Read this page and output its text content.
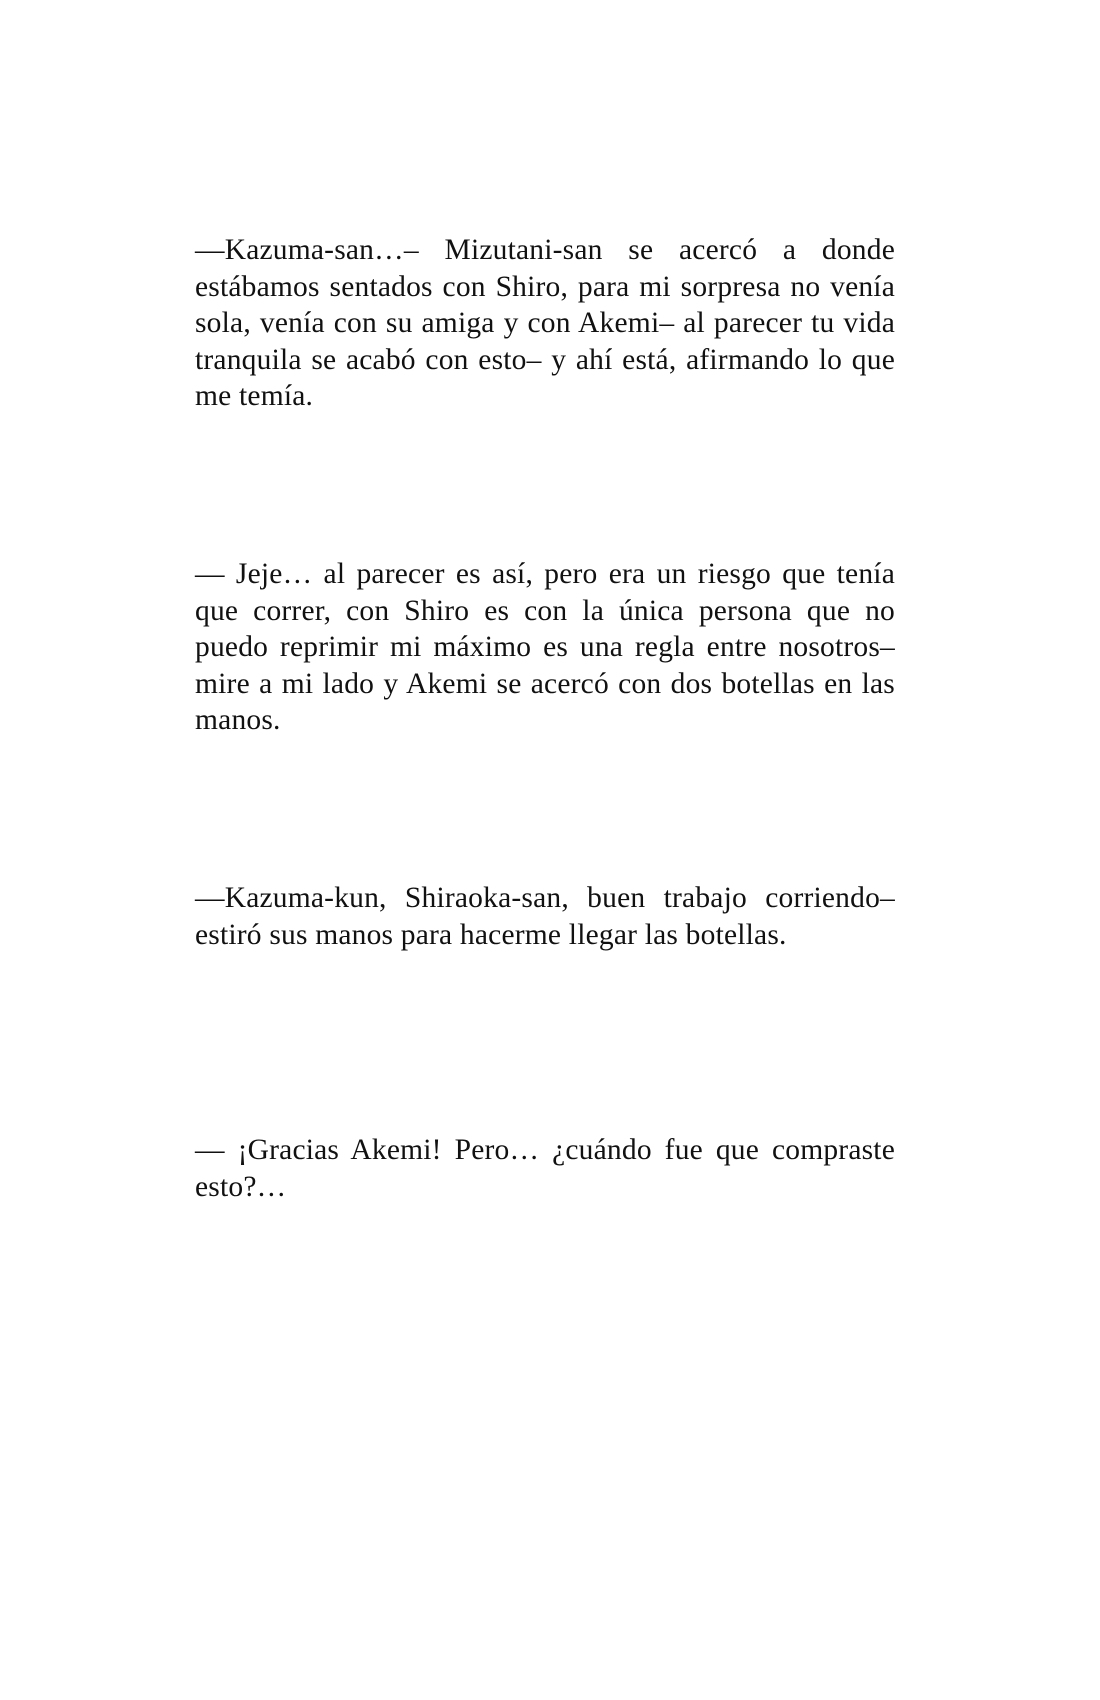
—Kazuma-san…– Mizutani-san se acercó a donde estábamos sentados con Shiro, para mi sorpresa no venía sola, venía con su amiga y con Akemi– al parecer tu vida tranquila se acabó con esto– y ahí está, afirmando lo que me temía.

— Jeje… al parecer es así, pero era un riesgo que tenía que correr, con Shiro es con la única persona que no puedo reprimir mi máximo es una regla entre nosotros– mire a mi lado y Akemi se acercó con dos botellas en las manos.

—Kazuma-kun, Shiraoka-san, buen trabajo corriendo– estiró sus manos para hacerme llegar las botellas.

— ¡Gracias Akemi! Pero… ¿cuándo fue que compraste esto?…
